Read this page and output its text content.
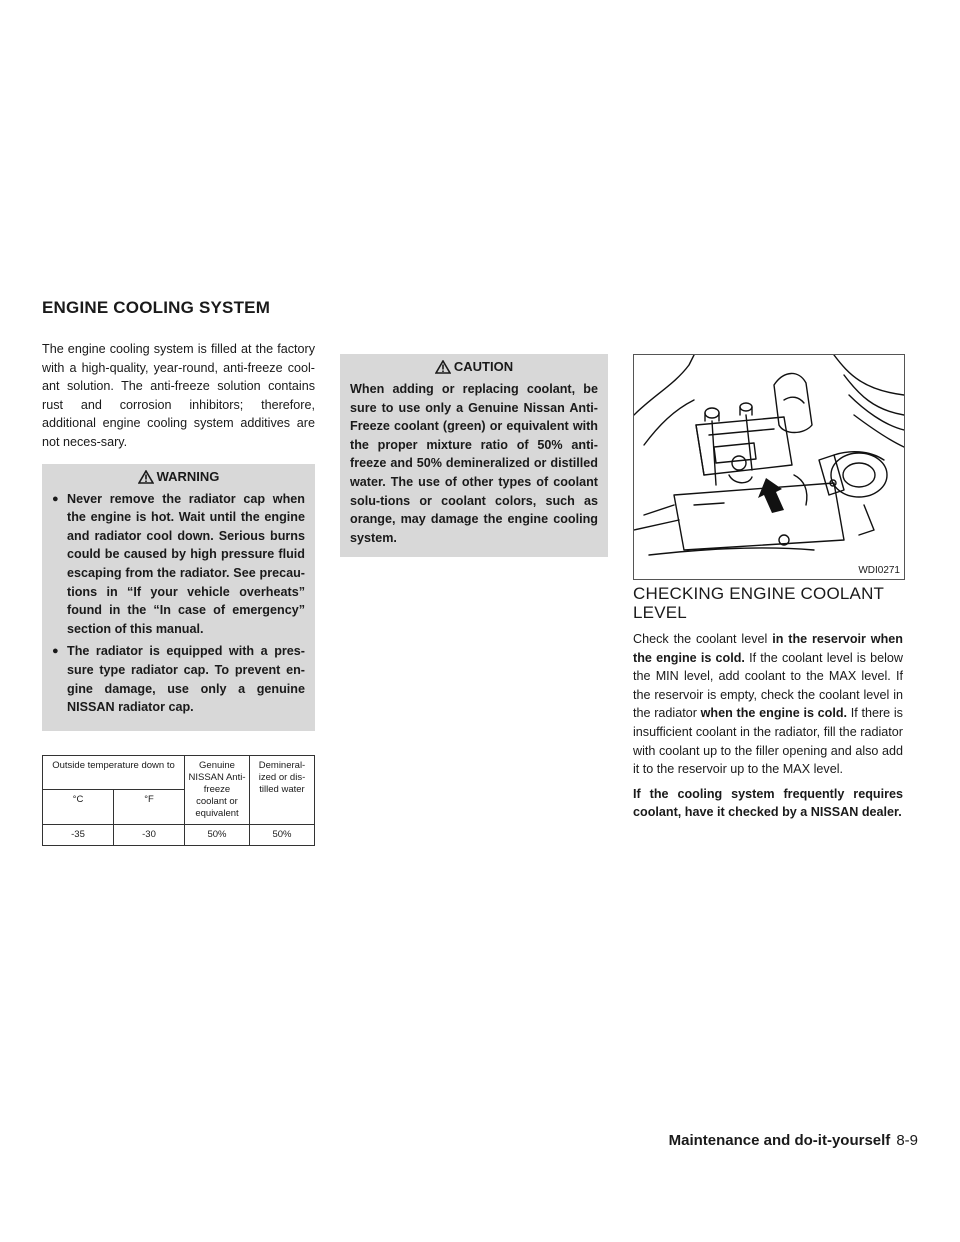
ENGINE COOLING SYSTEM

The engine cooling system is filled at the factory with a high-quality, year-round, anti-freeze cool-ant solution. The anti-freeze solution contains rust and corrosion inhibitors; therefore, additional engine cooling system additives are not neces-sary.

WARNING
● Never remove the radiator cap when the engine is hot. Wait until the engine and radiator cool down. Serious burns could be caused by high pressure fluid escaping from the radiator. See precau-tions in “If your vehicle overheats” found in the “In case of emergency” section of this manual.
● The radiator is equipped with a pres-sure type radiator cap. To prevent en-gine damage, use only a genuine NISSAN radiator cap.
Outside temperature down to		Genuine NISSAN Anti-freeze coolant or equivalent	Demineral-ized or dis-tilled water
°C	°F		
-35	-30	50%	50%
CAUTION
When adding or replacing coolant, be sure to use only a Genuine Nissan Anti-Freeze coolant (green) or equivalent with the proper mixture ratio of 50% anti-freeze and 50% demineralized or distilled water. The use of other types of coolant solu-tions or coolant colors, such as orange, may damage the engine cooling system.
WDI0271
CHECKING ENGINE COOLANT LEVEL

Check the coolant level in the reservoir when the engine is cold. If the coolant level is below the MIN level, add coolant to the MAX level. If the reservoir is empty, check the coolant level in the radiator when the engine is cold. If there is insufficient coolant in the radiator, fill the radiator with coolant up to the filler opening and also add it to the reservoir up to the MAX level.

If the cooling system frequently requires coolant, have it checked by a NISSAN dealer.

Maintenance and do-it-yourself 8-9
